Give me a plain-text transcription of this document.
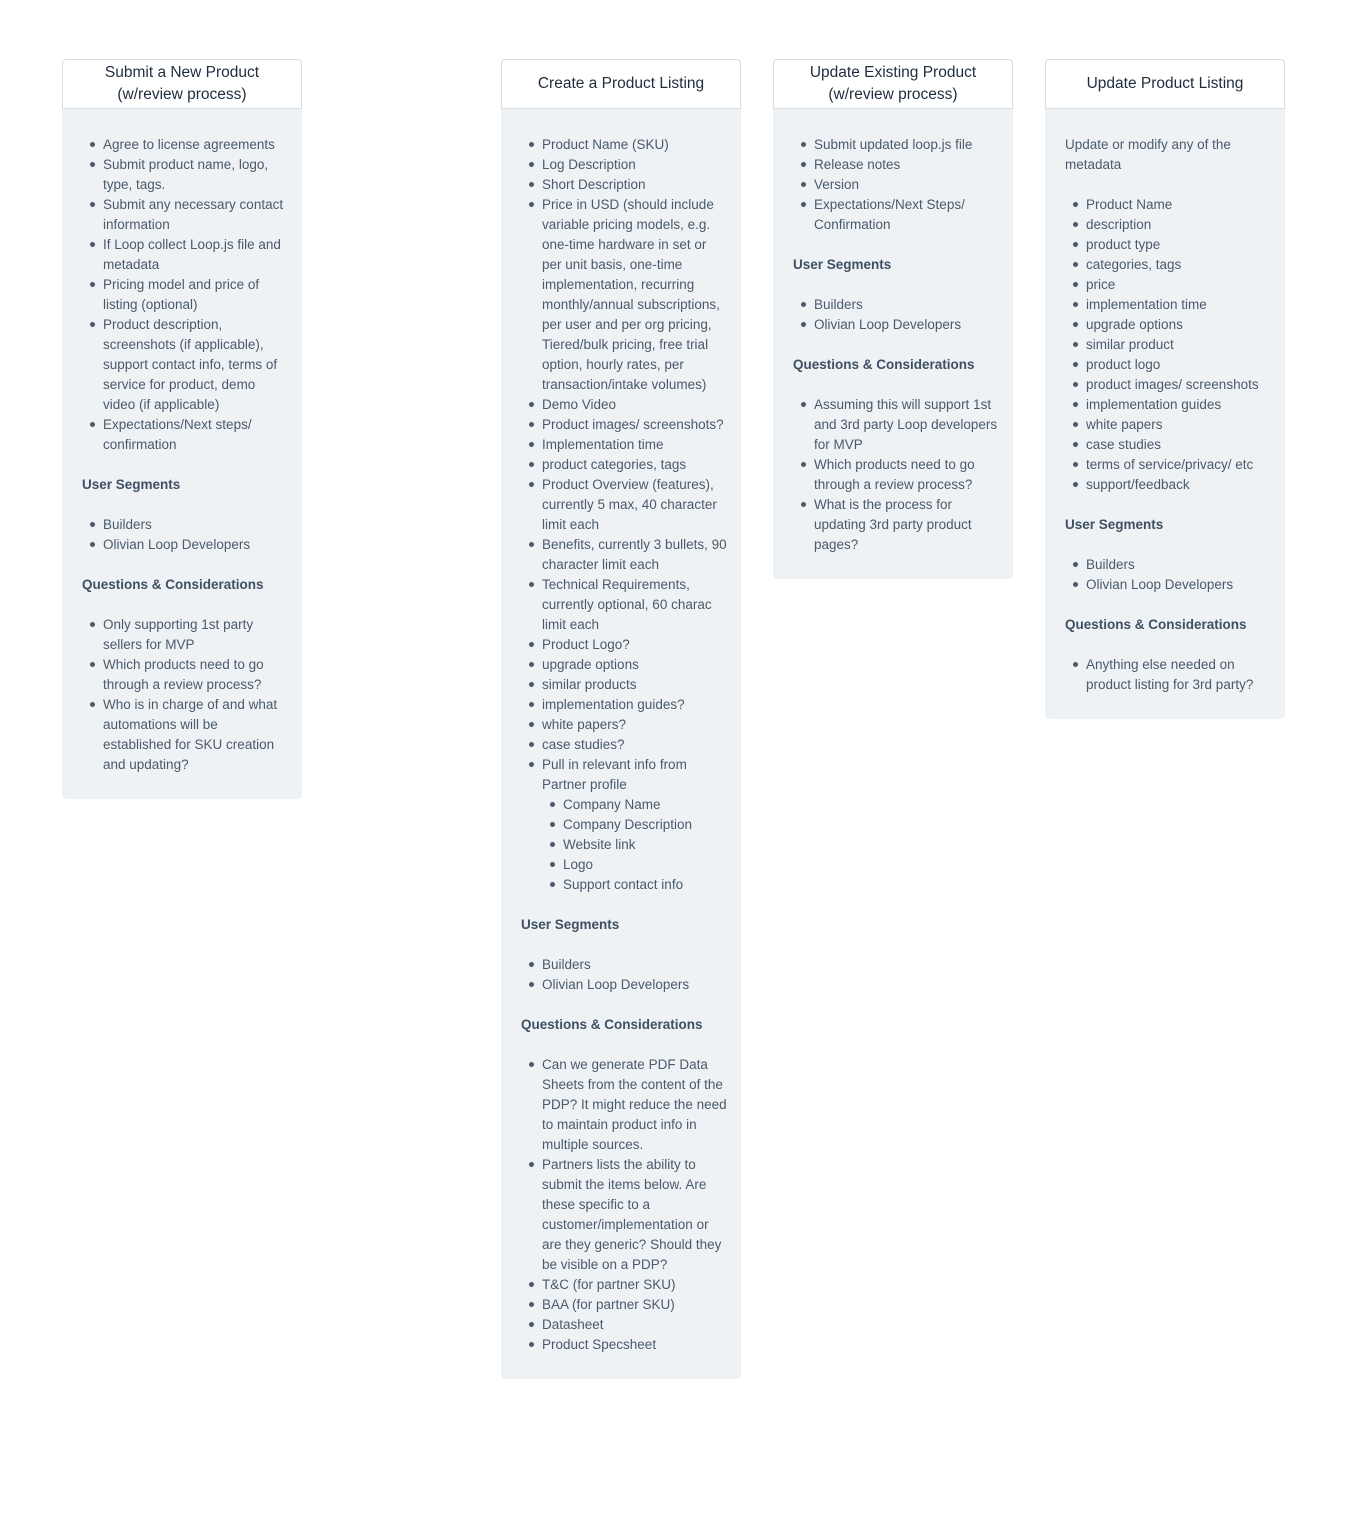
Submit a New Product
(w/review process)
Agree to license agreements
Submit product name, logo, type, tags.
Submit any necessary contact information
If Loop collect Loop.js file and metadata
Pricing model and price of listing (optional)
Product description, screenshots (if applicable), support contact info, terms of service for product, demo video (if applicable)
Expectations/Next steps/ confirmation
User Segments
Builders
Olivian Loop Developers
Questions & Considerations
Only supporting 1st party sellers for MVP
Which products need to go through a review process?
Who is in charge of and what automations will be established for SKU creation and updating?
Create a Product Listing
Product Name (SKU)
Log Description
Short Description
Price in USD (should include variable pricing models, e.g. one-time hardware in set or per unit basis, one-time implementation, recurring monthly/annual subscriptions, per user and per org pricing, Tiered/bulk pricing, free trial option, hourly rates, per transaction/intake volumes)
Demo Video
Product images/ screenshots?
Implementation time
product categories, tags
Product Overview (features), currently 5 max, 40 character limit each
Benefits, currently 3 bullets, 90 character limit each
Technical Requirements, currently optional, 60 charac limit each
Product Logo?
upgrade options
similar products
implementation guides?
white papers?
case studies?
Pull in relevant info from Partner profile
Company Name
Company Description
Website link
Logo
Support contact info
User Segments
Builders
Olivian Loop Developers
Questions & Considerations
Can we generate PDF Data Sheets from the content of the PDP? It might reduce the need to maintain product info in multiple sources.
Partners lists the ability to submit the items below. Are these specific to a customer/implementation or are they generic? Should they be visible on a PDP?
T&C (for partner SKU)
BAA (for partner SKU)
Datasheet
Product Specsheet
Update Existing Product
(w/review process)
Submit updated loop.js file
Release notes
Version
Expectations/Next Steps/ Confirmation
User Segments
Builders
Olivian Loop Developers
Questions & Considerations
Assuming this will support 1st and 3rd party Loop developers for MVP
Which products need to go through a review process?
What is the process for updating 3rd party product pages?
Update Product Listing

Update or modify any of the metadata

Product Name
description
product type
categories, tags
price
implementation time
upgrade options
similar product
product logo
product images/ screenshots
implementation guides
white papers
case studies
terms of service/privacy/ etc
support/feedback
User Segments
Builders
Olivian Loop Developers
Questions & Considerations
Anything else needed on product listing for 3rd party?
